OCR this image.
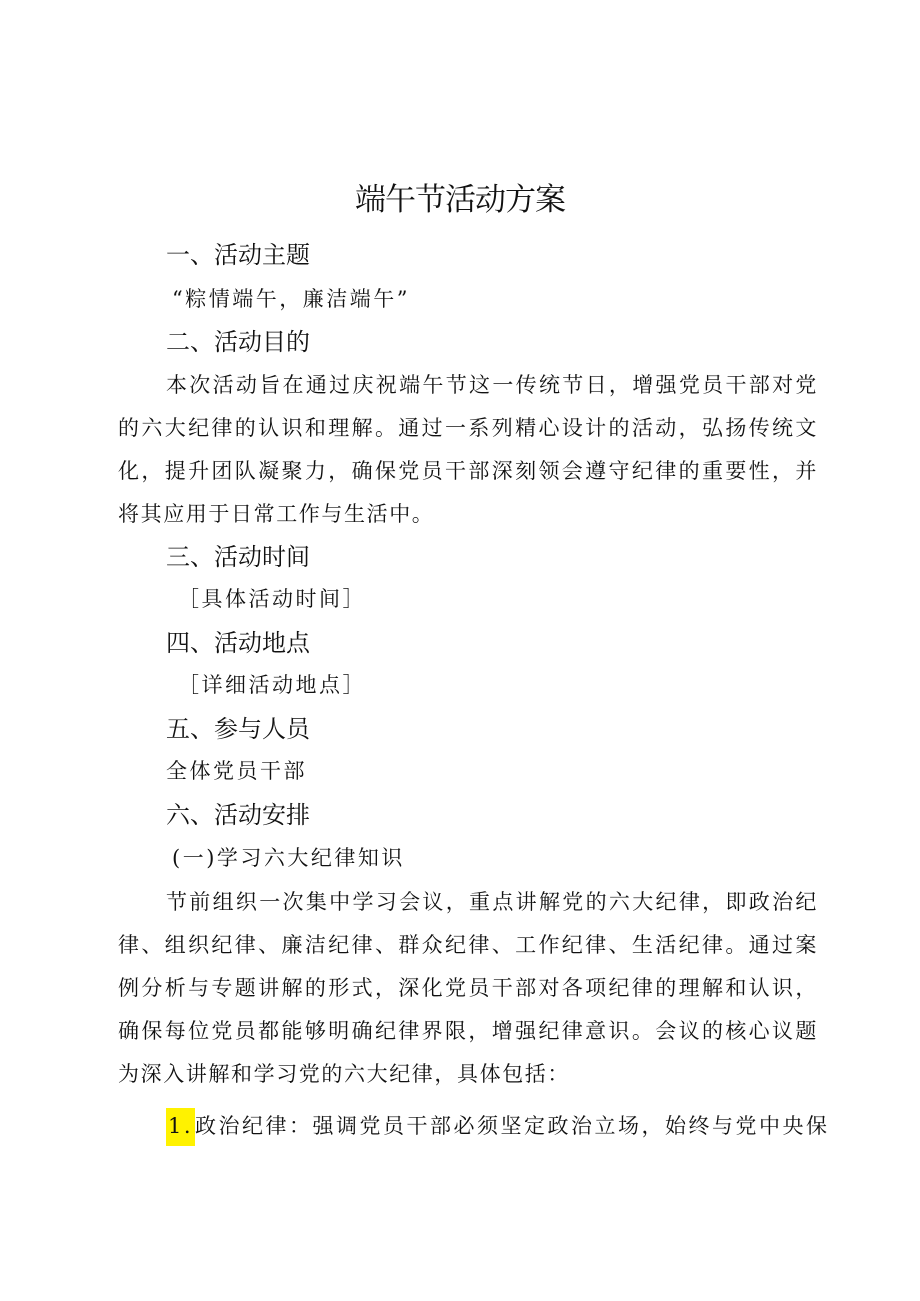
端午节活动方案
一、活动主题
“粽情端午，廉洁端午”
二、活动目的
本次活动旨在通过庆祝端午节这一传统节日，增强党员干部对党的六大纪律的认识和理解。通过一系列精心设计的活动，弘扬传统文化，提升团队凝聚力，确保党员干部深刻领会遵守纪律的重要性，并将其应用于日常工作与生活中。
三、活动时间
［具体活动时间］
四、活动地点
［详细活动地点］
五、参与人员
全体党员干部
六、活动安排
(一)学习六大纪律知识
节前组织一次集中学习会议，重点讲解党的六大纪律，即政治纪律、组织纪律、廉洁纪律、群众纪律、工作纪律、生活纪律。通过案例分析与专题讲解的形式，深化党员干部对各项纪律的理解和认识，确保每位党员都能够明确纪律界限，增强纪律意识。会议的核心议题为深入讲解和学习党的六大纪律，具体包括：
1.政治纪律：强调党员干部必须坚定政治立场，始终与党中央保
